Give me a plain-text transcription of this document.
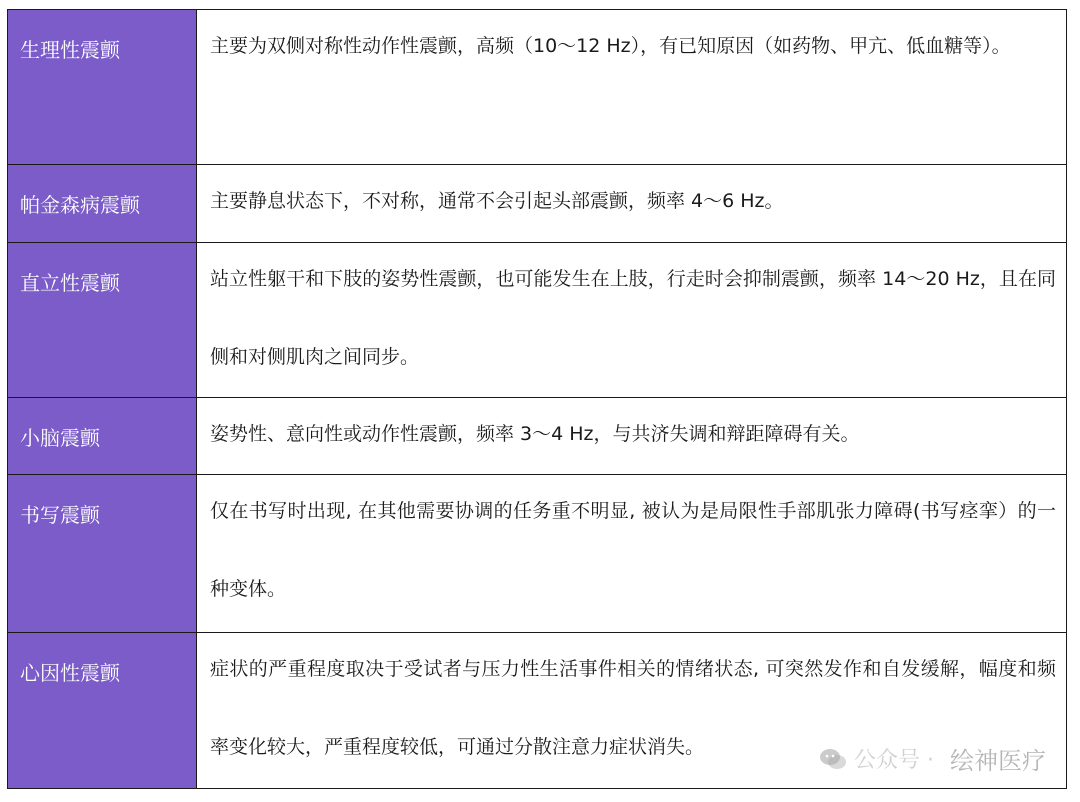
生理性震颤	主要为双侧对称性动作性震颤，高频（10～12 Hz），有已知原因（如药物、甲亢、低血糖等）。

帕金森病震颤	主要静息状态下，不对称，通常不会引起头部震颤，频率 4～6 Hz。

直立性震颤	站立性躯干和下肢的姿势性震颤，也可能发生在上肢，行走时会抑制震颤，频率 14～20 Hz，且在同侧和对侧肌肉之间同步。

小脑震颤	姿势性、意向性或动作性震颤，频率 3～4 Hz，与共济失调和辩距障碍有关。

书写震颤	仅在书写时出现, 在其他需要协调的任务重不明显, 被认为是局限性手部肌张力障碍(书写痉挛）的一种变体。

心因性震颤	症状的严重程度取决于受试者与压力性生活事件相关的情绪状态, 可突然发作和自发缓解，幅度和频率变化较大，严重程度较低，可通过分散注意力症状消失。
公众号 · 绘神医疗
